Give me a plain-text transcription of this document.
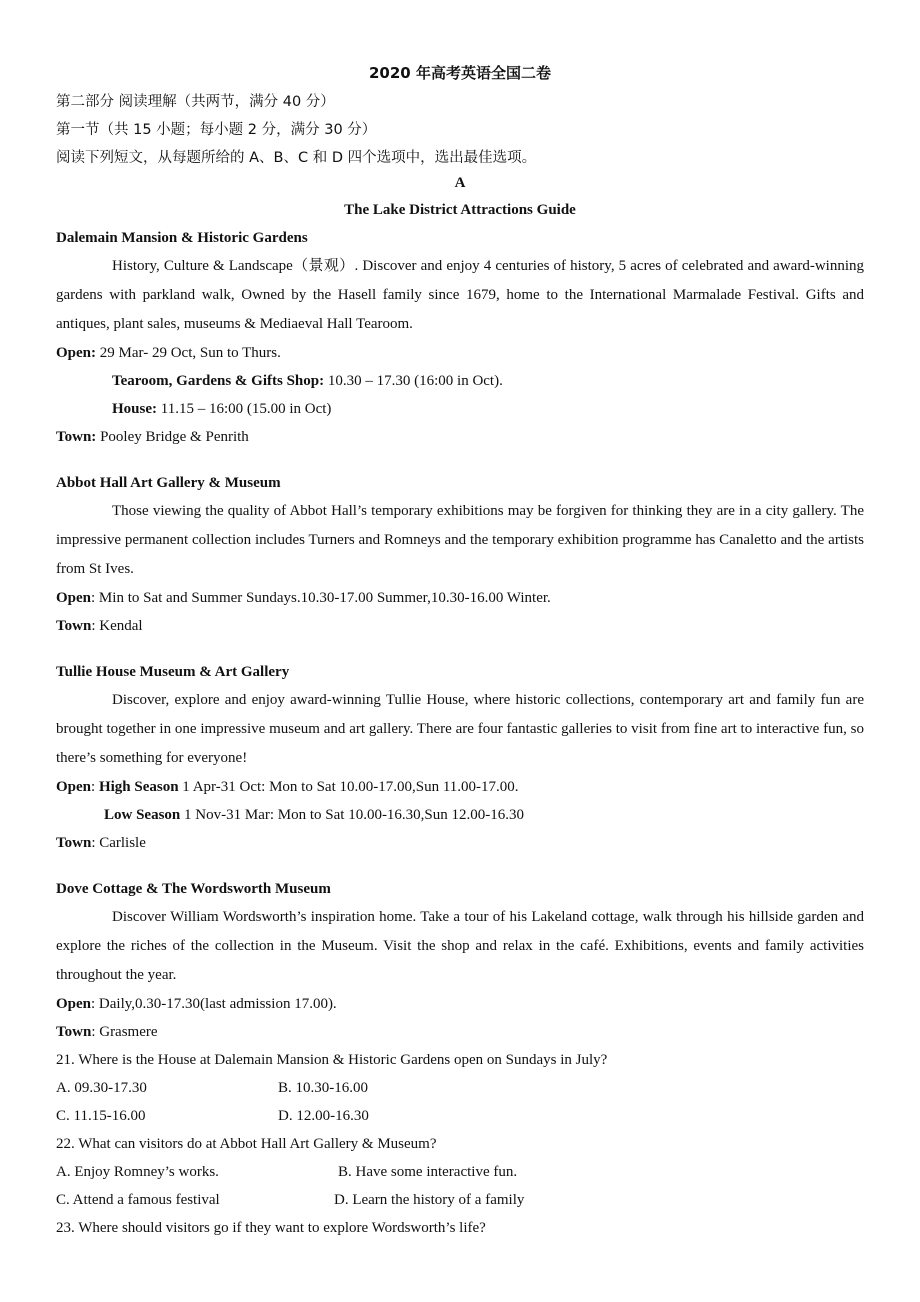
2020 年高考英语全国二卷
第二部分 阅读理解（共两节，满分 40 分）
第一节（共 15 小题；每小题 2 分，满分 30 分）
阅读下列短文，从每题所给的 A、B、C 和 D 四个选项中，选出最佳选项。
A
The Lake District Attractions Guide
Dalemain Mansion & Historic Gardens
History, Culture & Landscape（景观）. Discover and enjoy 4 centuries of history, 5 acres of celebrated and award-winning gardens with parkland walk, Owned by the Hasell family since 1679, home to the International Marmalade Festival. Gifts and antiques, plant sales, museums & Mediaeval Hall Tearoom.
Open: 29 Mar- 29 Oct, Sun to Thurs.
Tearoom, Gardens & Gifts Shop: 10.30 – 17.30 (16:00 in Oct).
House: 11.15 – 16:00 (15.00 in Oct)
Town: Pooley Bridge & Penrith
Abbot Hall Art Gallery & Museum
Those viewing the quality of Abbot Hall’s temporary exhibitions may be forgiven for thinking they are in a city gallery. The impressive permanent collection includes Turners and Romneys and the temporary exhibition programme has Canaletto and the artists from St Ives.
Open: Min to Sat and Summer Sundays.10.30-17.00 Summer,10.30-16.00 Winter.
Town: Kendal
Tullie House Museum & Art Gallery
Discover, explore and enjoy award-winning Tullie House, where historic collections, contemporary art and family fun are brought together in one impressive museum and art gallery. There are four fantastic galleries to visit from fine art to interactive fun, so there’s something for everyone!
Open: High Season 1 Apr-31 Oct: Mon to Sat 10.00-17.00,Sun 11.00-17.00.
Low Season 1 Nov-31 Mar: Mon to Sat 10.00-16.30,Sun 12.00-16.30
Town: Carlisle
Dove Cottage & The Wordsworth Museum
Discover William Wordsworth’s inspiration home. Take a tour of his Lakeland cottage, walk through his hillside garden and explore the riches of the collection in the Museum. Visit the shop and relax in the café. Exhibitions, events and family activities throughout the year.
Open: Daily,0.30-17.30(last admission 17.00).
Town: Grasmere
21. Where is the House at Dalemain Mansion & Historic Gardens open on Sundays in July?
A. 09.30-17.30	B. 10.30-16.00
C. 11.15-16.00	D. 12.00-16.30
22. What can visitors do at Abbot Hall Art Gallery & Museum?
A. Enjoy Romney’s works.	B. Have some interactive fun.
C. Attend a famous festival	D. Learn the history of a family
23. Where should visitors go if they want to explore Wordsworth’s life?
